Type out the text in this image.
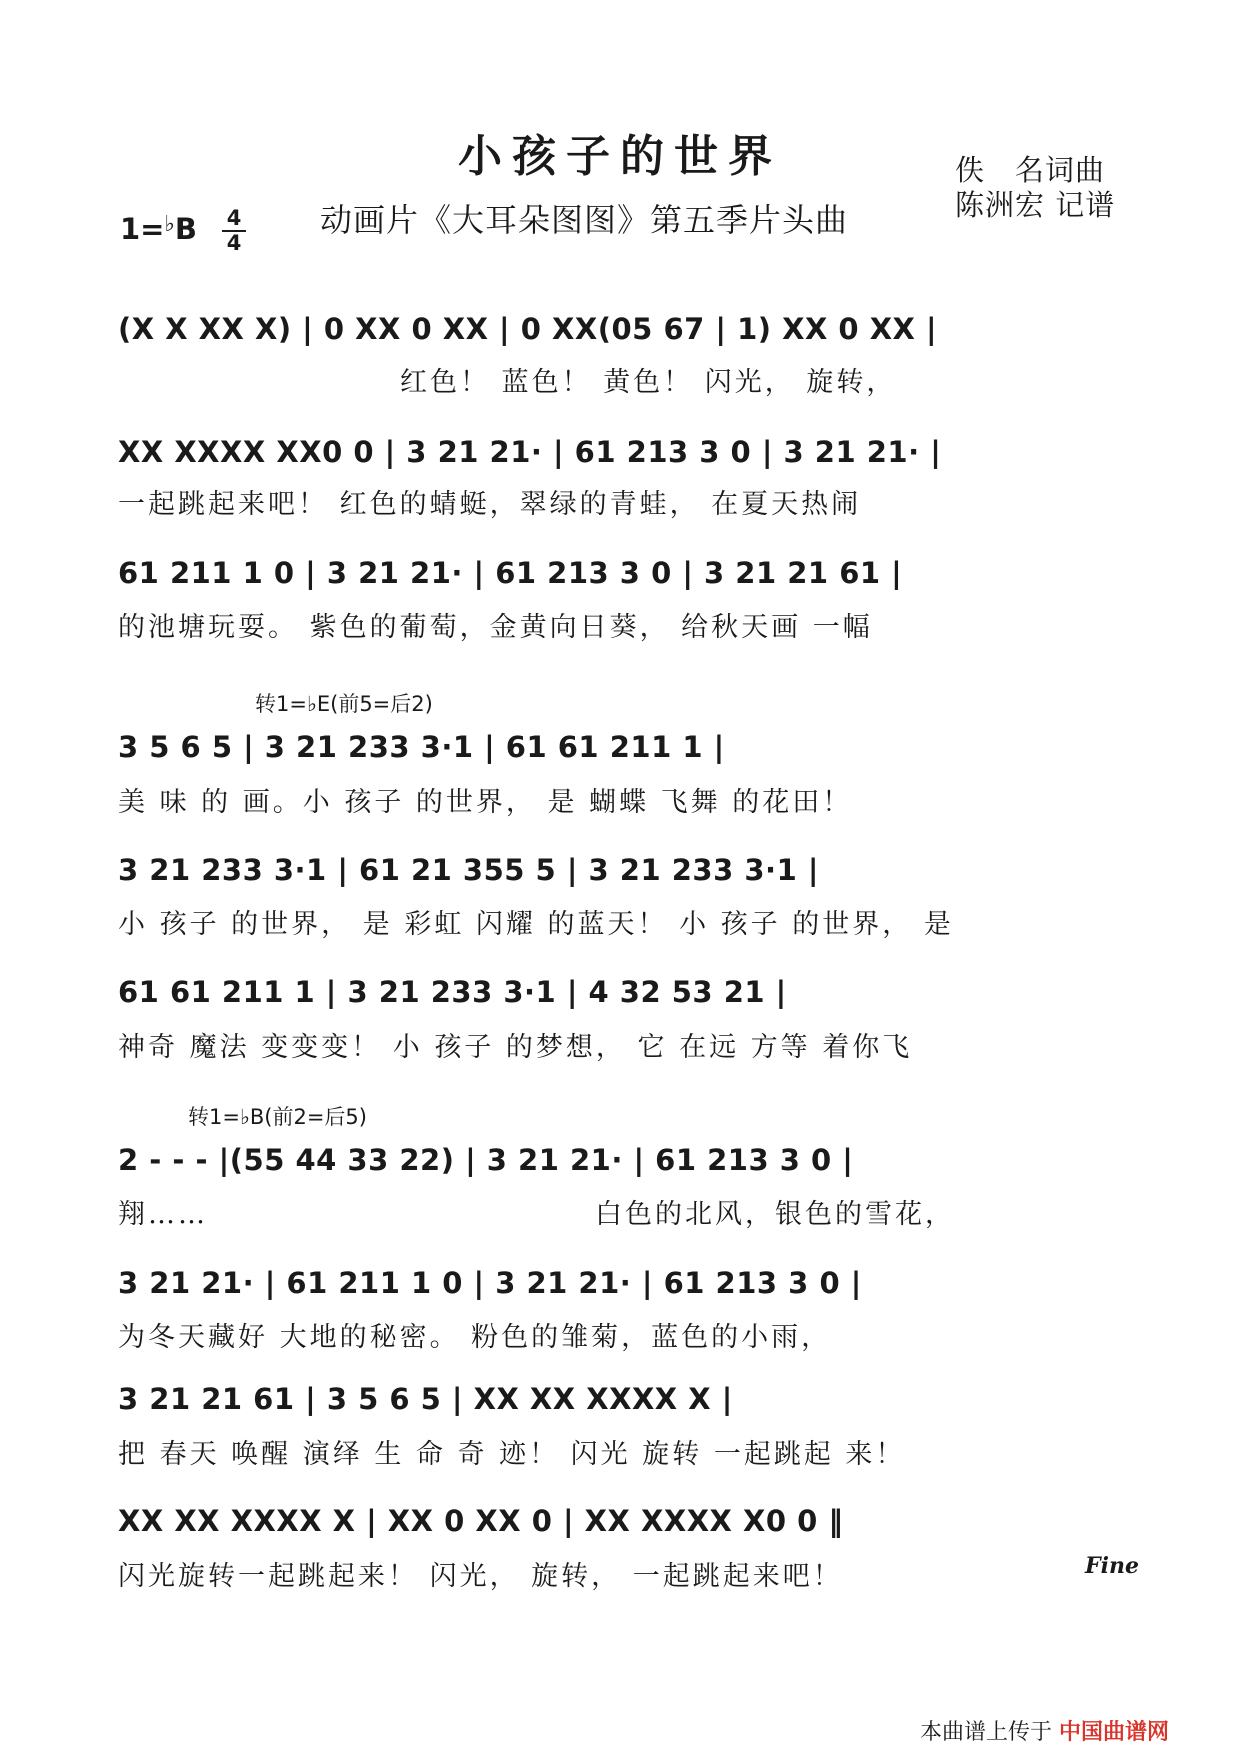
小孩子的世界
动画片《大耳朵图图》第五季片头曲
佚　名词曲
陈洲宏 记谱
1=♭B 4
4
(X X XX X) | 0 XX 0 XX | 0 XX(05 67 | 1) XX 0 XX |
红色！ 蓝色！ 黄色！ 闪光， 旋转，
XX XXXX XX0 0 | 3 21 21· | 61 213 3 0 | 3 21 21· |
一起跳起来吧！ 红色的蜻蜓，翠绿的青蛙， 在夏天热闹
61 211 1 0 | 3 21 21· | 61 213 3 0 | 3 21 21 61 |
的池塘玩耍。 紫色的葡萄，金黄向日葵， 给秋天画 一幅
转1=♭E(前5=后2)
3 5 6 5 | 3 21 233 3·1 | 61 61 211 1 |
美 味 的 画。小 孩子 的世界， 是 蝴蝶 飞舞 的花田！
3 21 233 3·1 | 61 21 355 5 | 3 21 233 3·1 |
小 孩子 的世界， 是 彩虹 闪耀 的蓝天！ 小 孩子 的世界， 是
61 61 211 1 | 3 21 233 3·1 | 4 32 53 21 |
神奇 魔法 变变变！ 小 孩子 的梦想， 它 在远 方等 着你飞
转1=♭B(前2=后5)
2 - - - |(55 44 33 22) | 3 21 21· | 61 213 3 0 |
翔……	白色的北风，银色的雪花，
3 21 21· | 61 211 1 0 | 3 21 21· | 61 213 3 0 |
为冬天藏好 大地的秘密。 粉色的雏菊，蓝色的小雨，
3 21 21 61 | 3 5 6 5 | XX XX XXXX X |
把 春天 唤醒 演绎 生 命 奇 迹！ 闪光 旋转 一起跳起 来！
XX XX XXXX X | XX 0 XX 0 | XX XXXX X0 0 ‖
闪光旋转一起跳起来！ 闪光， 旋转， 一起跳起来吧！	Fine
本曲谱上传于 中国曲谱网
